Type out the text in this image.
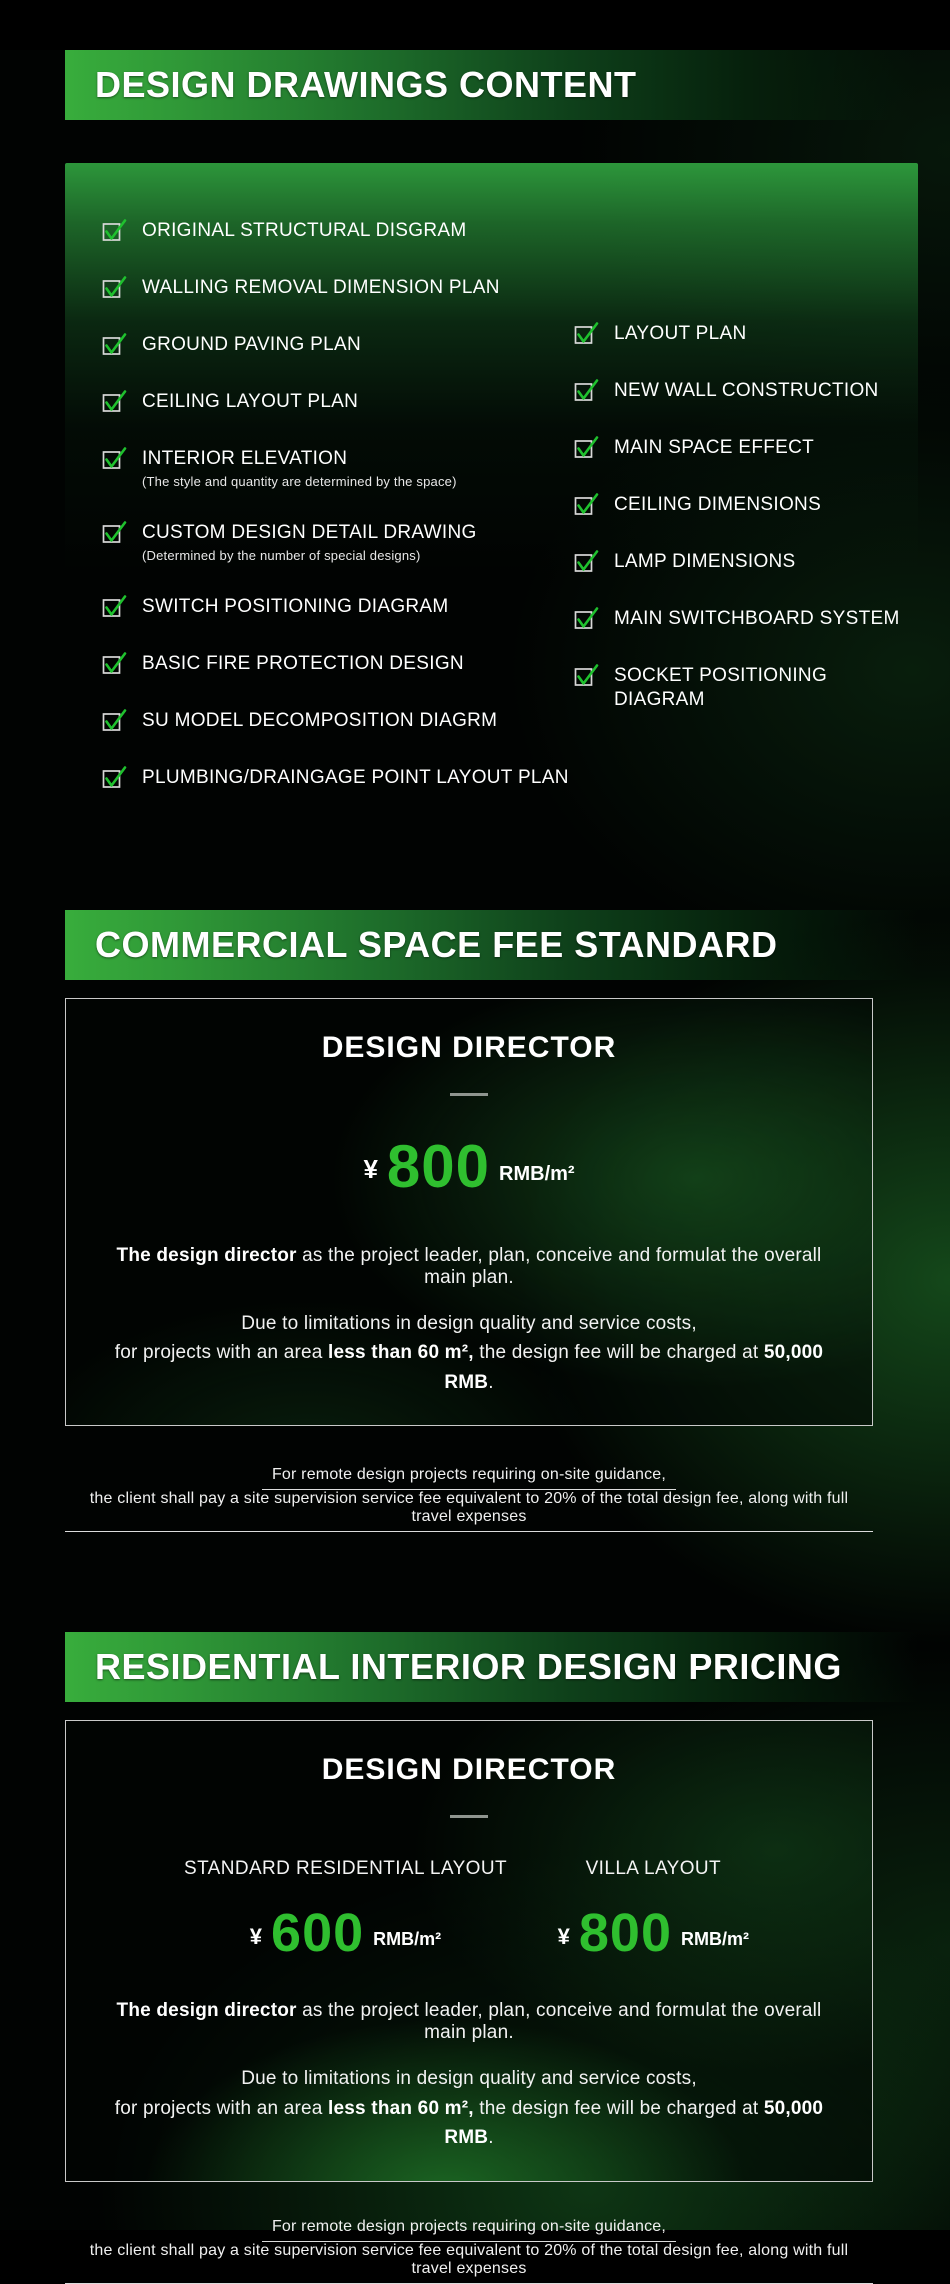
DESIGN DRAWINGS CONTENT
ORIGINAL STRUCTURAL DISGRAM
WALLING REMOVAL DIMENSION PLAN
GROUND PAVING PLAN
CEILING LAYOUT PLAN
INTERIOR ELEVATION
(The style and quantity are determined by the space)
CUSTOM DESIGN DETAIL DRAWING
(Determined by the number of special designs)
SWITCH POSITIONING DIAGRAM
BASIC FIRE PROTECTION DESIGN
SU MODEL DECOMPOSITION DIAGRM
PLUMBING/DRAINGAGE POINT LAYOUT PLAN
LAYOUT PLAN
NEW WALL CONSTRUCTION
MAIN SPACE EFFECT
CEILING DIMENSIONS
LAMP DIMENSIONS
MAIN SWITCHBOARD SYSTEM
SOCKET POSITIONING DIAGRAM
COMMERCIAL SPACE FEE STANDARD
DESIGN DIRECTOR
¥ 800 RMB/m²

The design director as the project leader, plan, conceive and formulat the overall main plan.

Due to limitations in design quality and service costs,
for projects with an area less than 60 m², the design fee will be charged at 50,000 RMB.

For remote design projects requiring on-site guidance,
the client shall pay a site supervision service fee equivalent to 20% of the total design fee, along with full travel expenses
RESIDENTIAL INTERIOR DESIGN PRICING
DESIGN DIRECTOR
STANDARD RESIDENTIAL LAYOUT
¥ 600 RMB/m²
VILLA LAYOUT
¥ 800 RMB/m²

The design director as the project leader, plan, conceive and formulat the overall main plan.

Due to limitations in design quality and service costs,
for projects with an area less than 60 m², the design fee will be charged at 50,000 RMB.

For remote design projects requiring on-site guidance,
the client shall pay a site supervision service fee equivalent to 20% of the total design fee, along with full travel expenses
